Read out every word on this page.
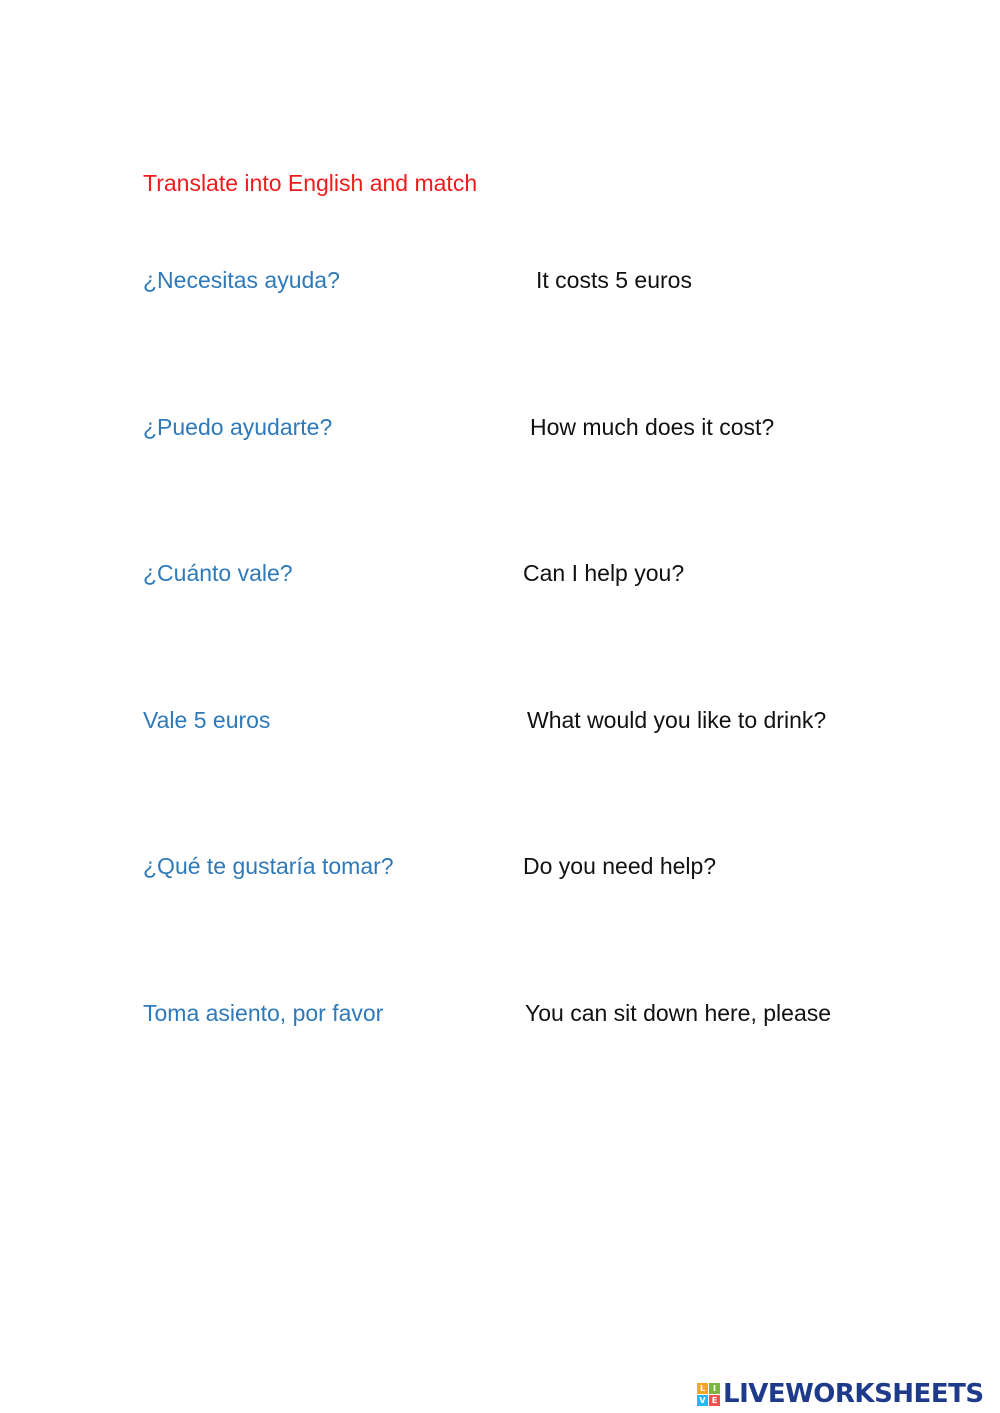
Translate into English and match
¿Necesitas ayuda?	It costs 5 euros
¿Puedo ayudarte?	How much does it cost?
¿Cuánto vale?	Can I help you?
Vale 5 euros	What would you like to drink?
¿Qué te gustaría tomar?	Do you need help?
Toma asiento, por favor	You can sit down here, please
L I
V E LIVEWORKSHEETS
